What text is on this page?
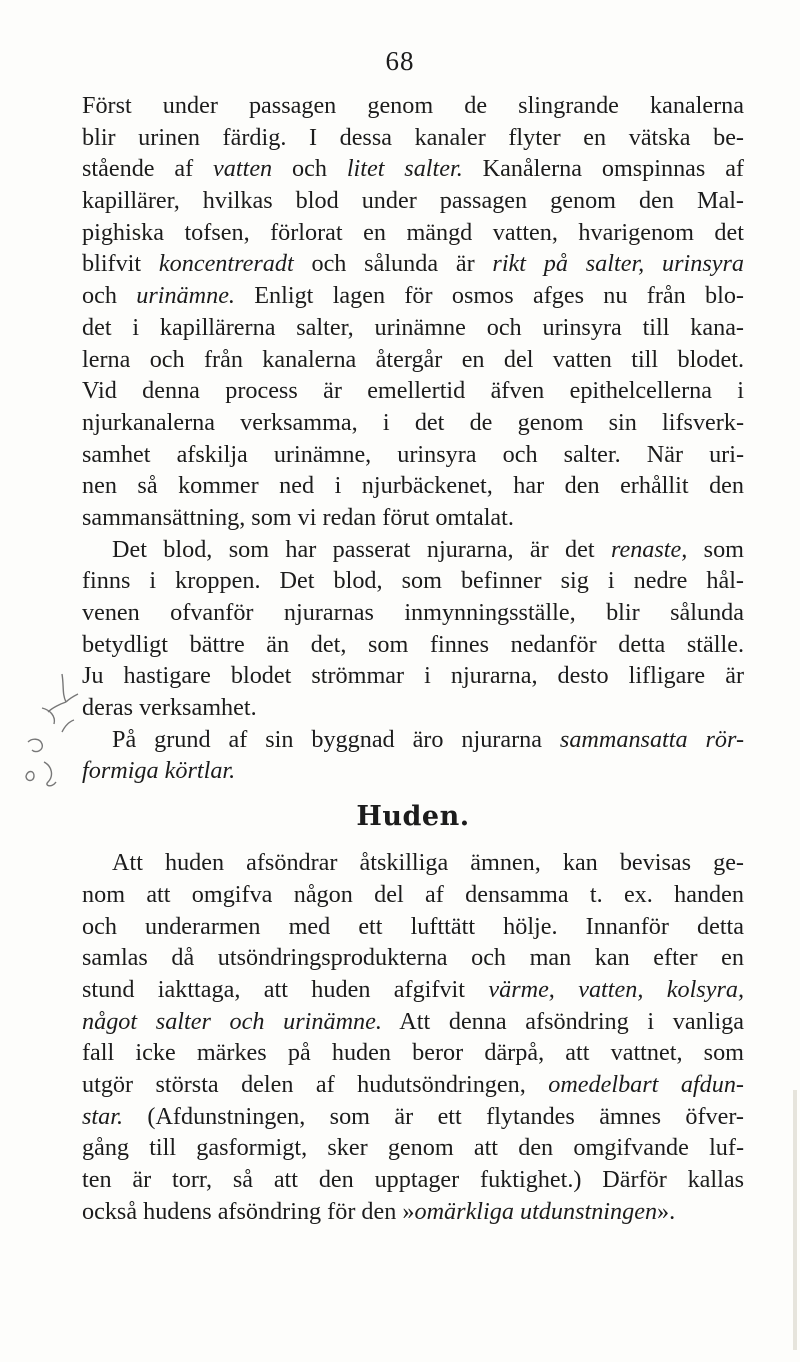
68
Först under passagen genom de slingrande kanalerna
blir urinen färdig. I dessa kanaler flyter en vätska be-
stående af vatten och litet salter. Kanålerna omspinnas af
kapillärer, hvilkas blod under passagen genom den Mal-
pighiska tofsen, förlorat en mängd vatten, hvarigenom det
blifvit koncentreradt och sålunda är rikt på salter, urinsyra
och urinämne. Enligt lagen för osmos afges nu från blo-
det i kapillärerna salter, urinämne och urinsyra till kana-
lerna och från kanalerna återgår en del vatten till blodet.
Vid denna process är emellertid äfven epithelcellerna i
njurkanalerna verksamma, i det de genom sin lifsverk-
samhet afskilja urinämne, urinsyra och salter. När uri-
nen så kommer ned i njurbäckenet, har den erhållit den
sammansättning, som vi redan förut omtalat.
Det blod, som har passerat njurarna, är det renaste, som
finns i kroppen. Det blod, som befinner sig i nedre hål-
venen ofvanför njurarnas inmynningsställe, blir sålunda
betydligt bättre än det, som finnes nedanför detta ställe.
Ju hastigare blodet strömmar i njurarna, desto lifligare är
deras verksamhet.
På grund af sin byggnad äro njurarna sammansatta rör-
formiga körtlar.
Huden.
Att huden afsöndrar åtskilliga ämnen, kan bevisas ge-
nom att omgifva någon del af densamma t. ex. handen
och underarmen med ett lufttätt hölje. Innanför detta
samlas då utsöndringsprodukterna och man kan efter en
stund iakttaga, att huden afgifvit värme, vatten, kolsyra,
något salter och urinämne. Att denna afsöndring i vanliga
fall icke märkes på huden beror därpå, att vattnet, som
utgör största delen af hudutsöndringen, omedelbart afdun-
star. (Afdunstningen, som är ett flytandes ämnes öfver-
gång till gasformigt, sker genom att den omgifvande luf-
ten är torr, så att den upptager fuktighet.) Därför kallas
också hudens afsöndring för den »omärkliga utdunstningen».
